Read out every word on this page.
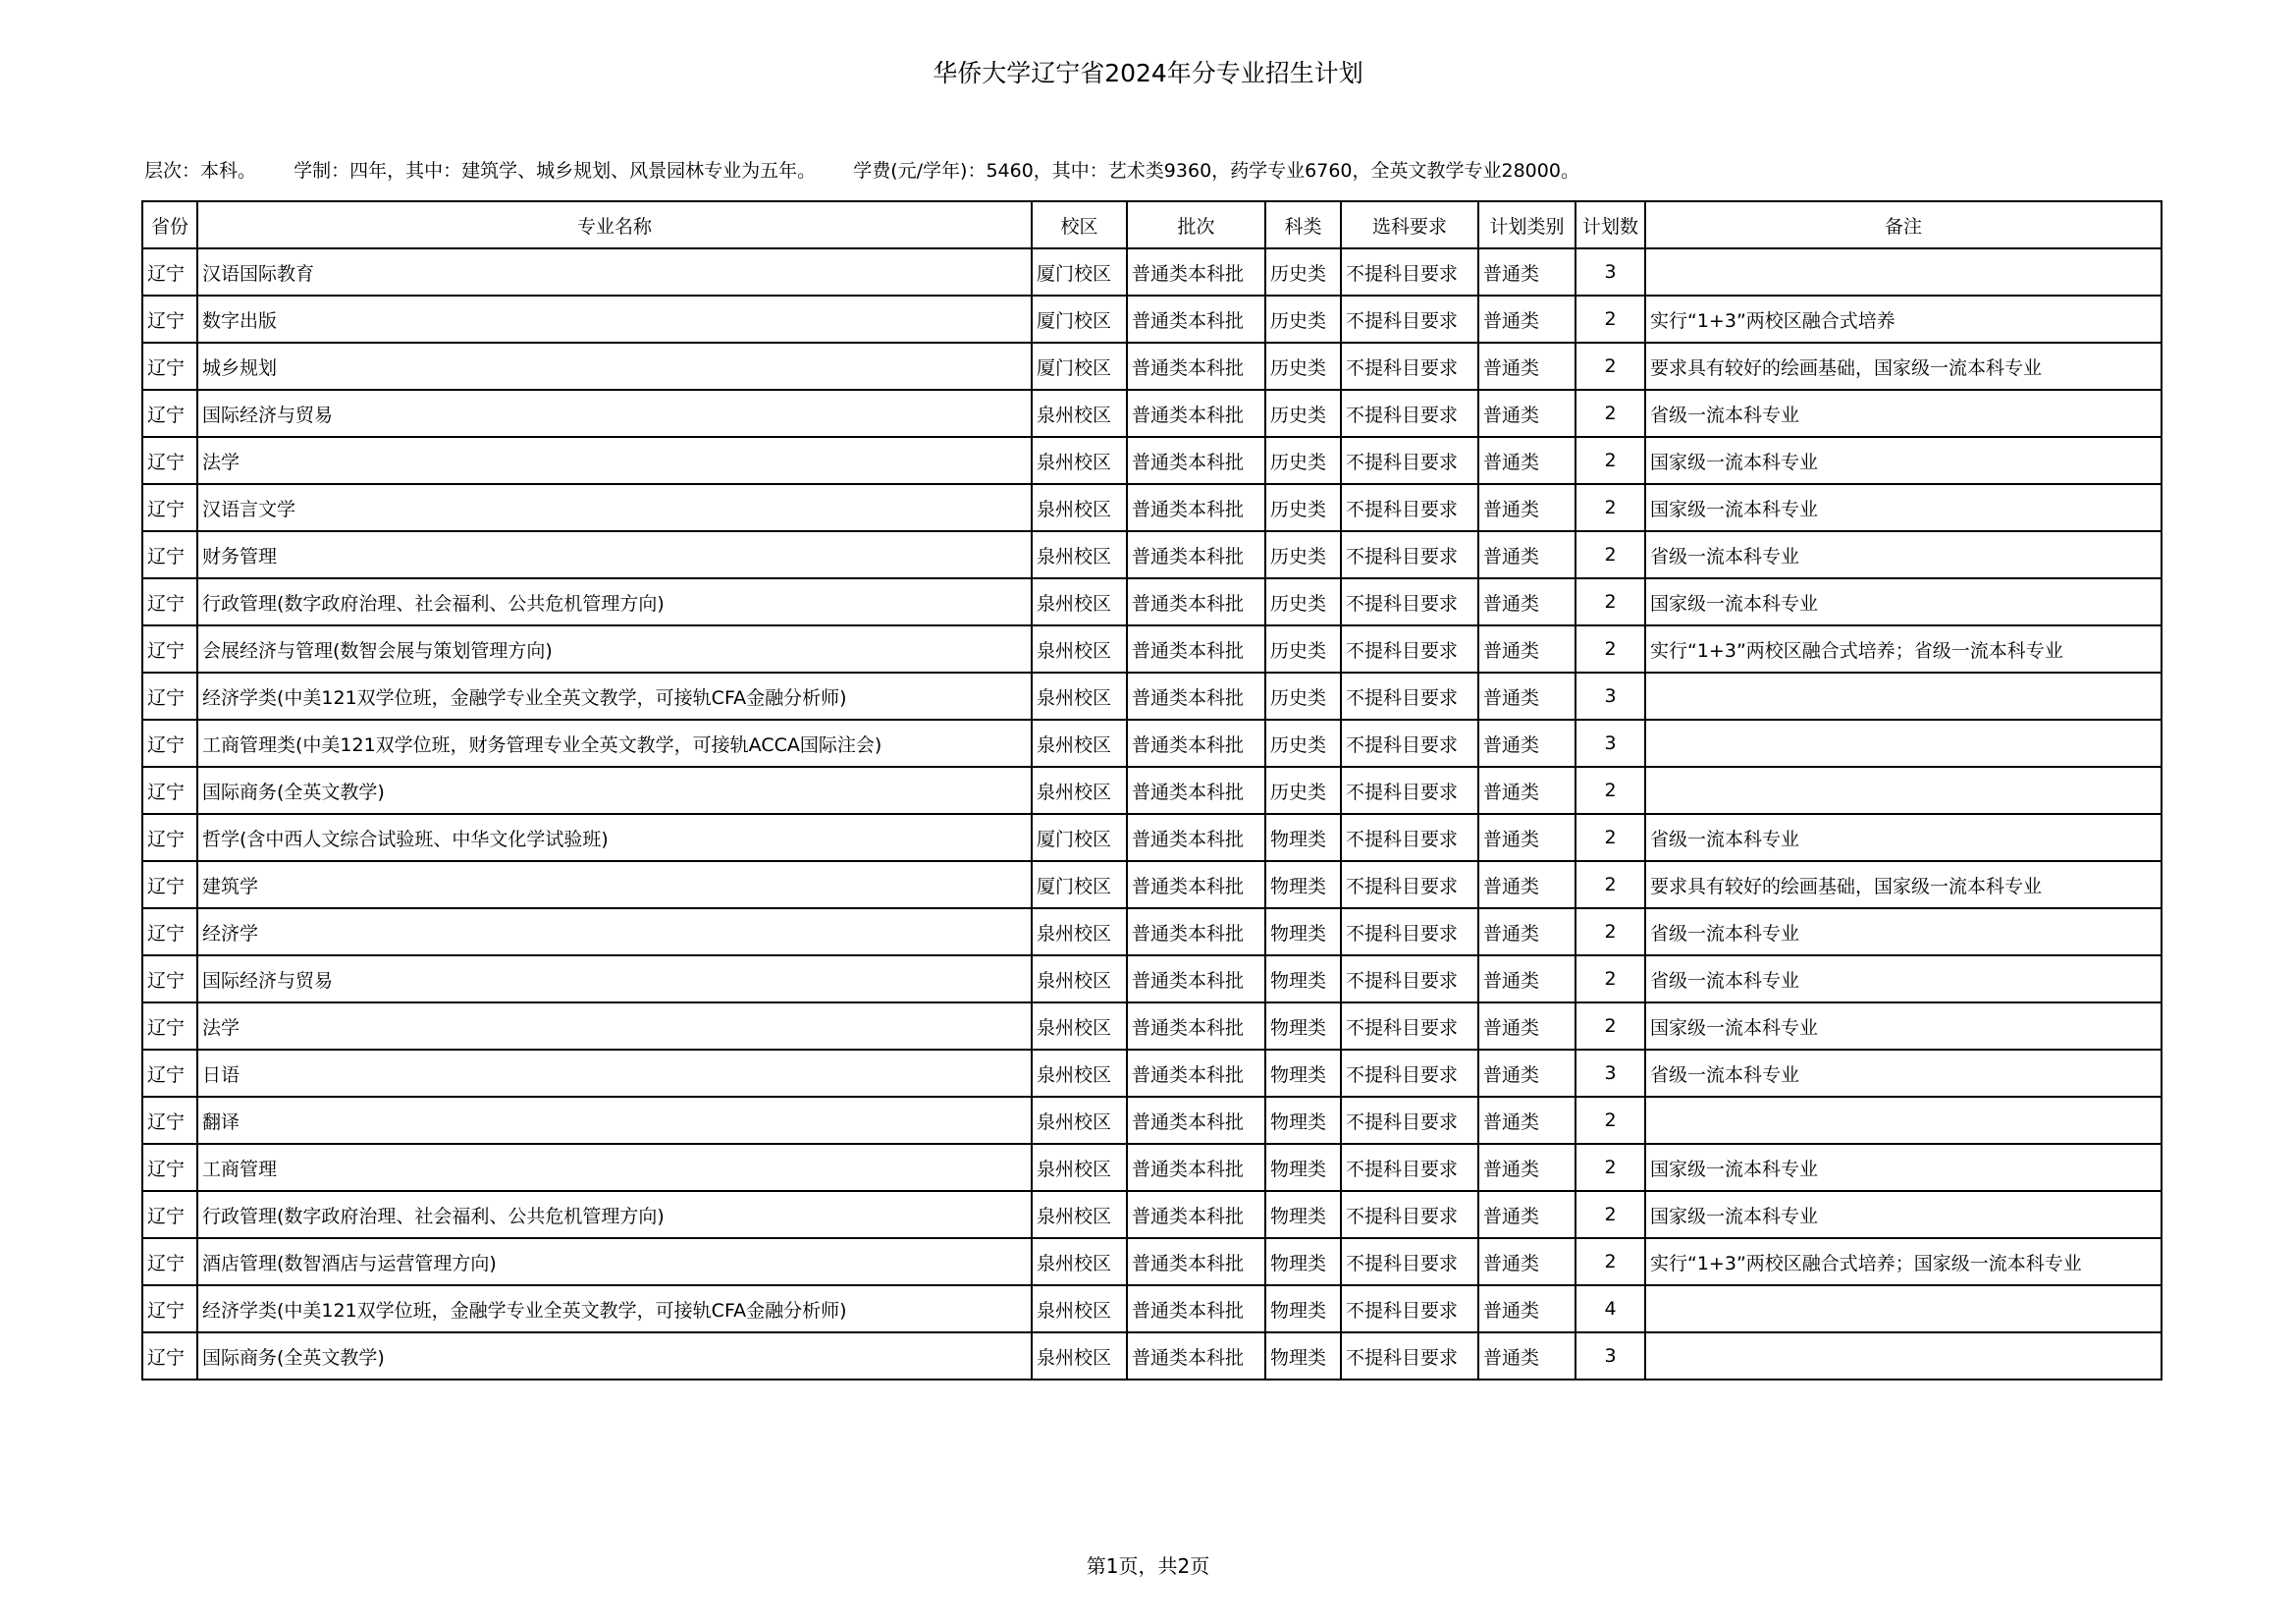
华侨大学辽宁省2024年分专业招生计划
层次：本科。 学制：四年，其中：建筑学、城乡规划、风景园林专业为五年。 学费(元/学年)：5460，其中：艺术类9360，药学专业6760，全英文教学专业28000。
省份	专业名称	校区	批次	科类	选科要求	计划类别	计划数	备注
辽宁	汉语国际教育	厦门校区	普通类本科批	历史类	不提科目要求	普通类	3	
辽宁	数字出版	厦门校区	普通类本科批	历史类	不提科目要求	普通类	2	实行“1+3”两校区融合式培养
辽宁	城乡规划	厦门校区	普通类本科批	历史类	不提科目要求	普通类	2	要求具有较好的绘画基础，国家级一流本科专业
辽宁	国际经济与贸易	泉州校区	普通类本科批	历史类	不提科目要求	普通类	2	省级一流本科专业
辽宁	法学	泉州校区	普通类本科批	历史类	不提科目要求	普通类	2	国家级一流本科专业
辽宁	汉语言文学	泉州校区	普通类本科批	历史类	不提科目要求	普通类	2	国家级一流本科专业
辽宁	财务管理	泉州校区	普通类本科批	历史类	不提科目要求	普通类	2	省级一流本科专业
辽宁	行政管理(数字政府治理、社会福利、公共危机管理方向)	泉州校区	普通类本科批	历史类	不提科目要求	普通类	2	国家级一流本科专业
辽宁	会展经济与管理(数智会展与策划管理方向)	泉州校区	普通类本科批	历史类	不提科目要求	普通类	2	实行“1+3”两校区融合式培养；省级一流本科专业
辽宁	经济学类(中美121双学位班，金融学专业全英文教学，可接轨CFA金融分析师)	泉州校区	普通类本科批	历史类	不提科目要求	普通类	3	
辽宁	工商管理类(中美121双学位班，财务管理专业全英文教学，可接轨ACCA国际注会)	泉州校区	普通类本科批	历史类	不提科目要求	普通类	3	
辽宁	国际商务(全英文教学)	泉州校区	普通类本科批	历史类	不提科目要求	普通类	2	
辽宁	哲学(含中西人文综合试验班、中华文化学试验班)	厦门校区	普通类本科批	物理类	不提科目要求	普通类	2	省级一流本科专业
辽宁	建筑学	厦门校区	普通类本科批	物理类	不提科目要求	普通类	2	要求具有较好的绘画基础，国家级一流本科专业
辽宁	经济学	泉州校区	普通类本科批	物理类	不提科目要求	普通类	2	省级一流本科专业
辽宁	国际经济与贸易	泉州校区	普通类本科批	物理类	不提科目要求	普通类	2	省级一流本科专业
辽宁	法学	泉州校区	普通类本科批	物理类	不提科目要求	普通类	2	国家级一流本科专业
辽宁	日语	泉州校区	普通类本科批	物理类	不提科目要求	普通类	3	省级一流本科专业
辽宁	翻译	泉州校区	普通类本科批	物理类	不提科目要求	普通类	2	
辽宁	工商管理	泉州校区	普通类本科批	物理类	不提科目要求	普通类	2	国家级一流本科专业
辽宁	行政管理(数字政府治理、社会福利、公共危机管理方向)	泉州校区	普通类本科批	物理类	不提科目要求	普通类	2	国家级一流本科专业
辽宁	酒店管理(数智酒店与运营管理方向)	泉州校区	普通类本科批	物理类	不提科目要求	普通类	2	实行“1+3”两校区融合式培养；国家级一流本科专业
辽宁	经济学类(中美121双学位班，金融学专业全英文教学，可接轨CFA金融分析师)	泉州校区	普通类本科批	物理类	不提科目要求	普通类	4	
辽宁	国际商务(全英文教学)	泉州校区	普通类本科批	物理类	不提科目要求	普通类	3	
第1页，共2页
